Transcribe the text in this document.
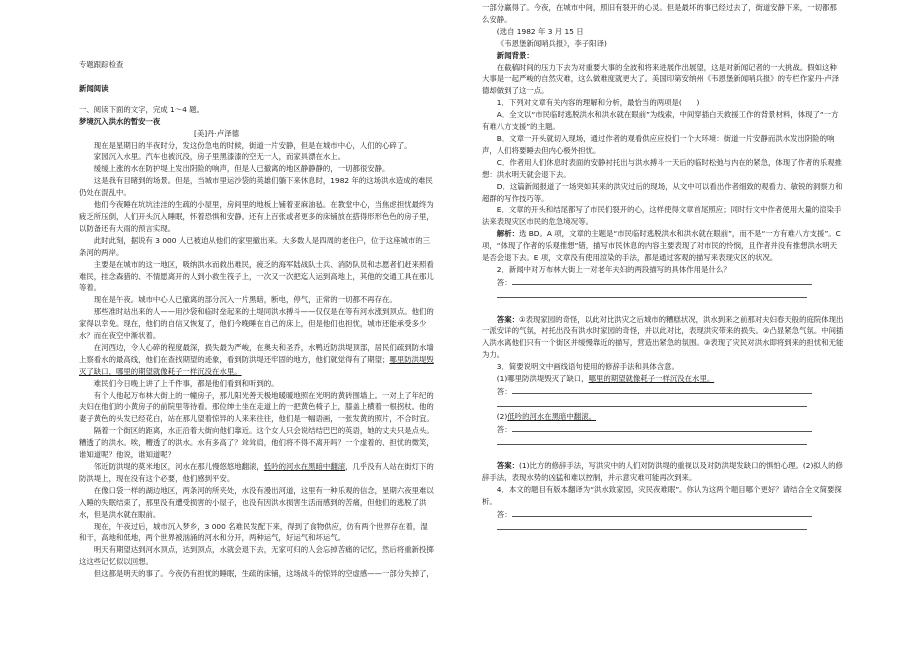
专题跟踪检查

新闻阅读

一、阅读下面的文字，完成 1～4 题。

梦境沉入洪水的暂安一夜

[美]丹·卢泽德

现在是星期日的半夜时分，发这份急电的时候，街道一片安静，但是在城市中心，人们的心碎了。

家园沉入水里。汽车也被沉没，房子里黑漆漆的空无一人，而家具漂在水上。

缓缓上涨的水在防护堤上发出阴险的响声，但是人已撤离的地区静静静的，一切都很安静。

这是我有目睹到的场景。但是，当城市里运沙袋的英雄们躺下来休息时，1982 年的这场洪水造成的难民仍处在混乱中。

他们今夜睡在坑坑洼洼的生疏的小屋里，房间里的地板上铺着亚麻油毡。在教堂中心，当焦虑担忧最终为疲乏所压倒，人们开头沉入睡眠，怀着恐惧和安静。还有上百张或者更多的床铺放在搭得形形色色的房子里，以防备还有大雨的预言实现。

此时此刻，据说有 3 000 人已被迫从他们的家里撤出来。大多数人是四周的老住户，位于这座城市的三条河的两岸。

主要是在城市的这一地区，吸纳洪水而救出难民，疲乏的海军陆战队士兵、消防队员和志愿者们赶来照看难民，挂念森猎的、不情愿离开的人到小救生筏子上，一次又一次把迄人运到高地上，其他的交通工具在那儿等着。

现在是午夜。城市中心人已撤离的部分沉入一片黑暗，断电，停气，正常的一切都不再存在。

那些准时站出来的人——用沙袋和临时垒起来的土堤同洪水搏斗——仅仅是在等有河水涨到顶点。他们的家得以幸免。现在，他们的自信又恢复了，他们今晚睡在自己的床上，但是他们也担忧，城市还能承受多少水？而在夜空中渐状着。

在河西边，令人心碎的程度最深，损失最为严峻，在奥夫和圣乔，水鸭近防洪堤顶部，居民们疏到防水墙上察看水的最高线，他们在查找期望的迹象，看到防洪堤还牢固的地方，他们就觉得有了期望；哪里防洪堤毁灭了缺口，哪里的期望就像耗子一样沉没在水里。

难民们今日晚上讲了上千件事，都是他们看到和听到的。

有个人他起万布林大街上的一幢房子，那儿阳光善天极地暖暖地照在光明的黄砖围墙上。一对上了年纪的夫妇在他们的小黄房子的前院里等待看。那位绅士坐在走道上的一把黄色椅子上，膝盖上横着一根拐杖。他的妻子黄色的头发已经花白，站在那儿望着惊异的人来来往往，他们是一幅语画，一张发黄的照片，不合时宜。

隔着一个街区的距离，水正沿着大街向他们靠近。这个女人只会说结结巴巴的英语，她的丈夫只是点头。糟透了的洪水。唉，糟透了的洪水。水有多高了？耸耸肩，他们将不得不离开吗？一个虚着的、担忧的微笑，谁知道呢？他说，谁知道呢？

邻近防洪堤的莫米地区，河水在那儿慢悠悠地翻滚，低吟的河水在黑暗中翻滚，几乎没有人站在街灯下的防洪堤上，现在没有这个必要，他们感到平安。

在像口袋一样的湖边地区，两条河的所夹处，水没有漫出河道，这里有一种乐观的信念，星期六夜里难以入睡的失眠结束了，那里没有遭受损害的小屋子，也没有因洪水损害生活而感到的苦痛，但他们的逃脱了洪水，但是洪水就在眼前。

现在，午夜过后，城市沉入梦乡，3 000 名难民发配下来，得到了食物供应，仿有两个世界存在着，湿和干，高地和低地，两个世界被汹涌的河水和分开，两种运气，好运气和坏运气。

明天有期望达到河水顶点，达到顶点，水就会退下去，无家可归的人会忘掉苦痛的记忆，然后将重新投掷这这些记忆似以回想。

但这都是明天的事了。今夜仍有担忧的睡眠，生疏的床铺，这场战斗的惊异的空虚感——一部分失掉了，

一部分赢得了。今夜，在城市中间，照旧有裂开的心灵。但是最坏的事已经过去了，街道安静下来，一切都那么安静。

(选自 1982 年 3 月 15 日

《韦恩堡新闻哨兵报》，李子阳译)

新闻背景：

在截稿时间的压力下去为对重要大事的全波和将来进展作出展望，这是对新闻记者的一大挑战。假如这种大事是一起严峻的自然灾难，这么做难度就更大了。美国印第安纳州《韦恩堡新闻哨兵报》的专栏作家丹·卢泽德却做到了这一点。

1．下列对文章有关内容的理解和分析，最恰当的两项是(　　)

A．全文以“市民临时逃脱洪水和洪水就在眼前”为线索，中间穿插白天救援工作的背景材料，体现了“一方有难八方支援”的主题。

B．文章一开头就切入现场，通过作者的观看供应应投们一个大环境：街道一片安静而洪水发出阴险的响声，人们将要睡去但内心极外担忧。

C．作者用人们休息时表面的安静衬托出与洪水搏斗一天后的临时松弛与内在的紧急，体现了作者的乐观推想：洪水明天就会退下去。

D．这篇新闻报道了一场突如其来的洪灾过后的现场，从文中可以看出作者细致的观看力、敏锐的洞察力和超群的写作技巧等。

E．文章的开头和结尾都写了市民们裂开的心，这样使得文章首尾照应；同时行文中作者使用大量的渲染手法来表现灾区市民的危急境况等。

解析：选 BD。A 项，文章的主题是“市民临时逃脱洪水和洪水就在眼前”，而不是“一方有难八方支援”。C 项，“体现了作者的乐观推想”错，描写市民休息的内容主要表现了对市民的怜悯，且作者并没有推想洪水明天是否会退下去。E 项，文章没有使用渲染的手法，都是通过客观的描写来表现灾区的状况。

2．新闻中对万布林大街上一对老年夫妇的两段描写的具体作用是什么？

答：

答案：①表现家园的奇怪，以此对比洪灾之后城市的糟糕状况，洪水到来之前那对夫妇春天般的庭院体现出一派安详的气氛，衬托出没有洪水时家园的奇怪，并以此对比，表现洪灾带来的损失。②凸显紧急气氛。中间插入洪水离他们只有一个街区并缓慢靠近的描写，营造出紧急的氛围。③表现了灾民对洪水即将到来的担忧和无能为力。

3．简要说明文中画线语句使用的修辞手法和具体含意。

(1)哪里防洪堤毁灭了缺口，哪里的期望就像耗子一样沉没在水里。

答：

(2)低吟的河水在黑暗中翻滚。

答：

答案：(1)比方的修辞手法，写洪灾中的人们对防洪堤的重视以及对防洪堤发缺口的惧怕心理。(2)拟人的修辞手法，表现水势的凶猛和难以控制，并示意灾难可能再次到来。

4．本文的题目有版本翻译为“洪水致家园，灾民夜难眠”。你认为这两个题目哪个更好？请结合全文简要探析。

答：
